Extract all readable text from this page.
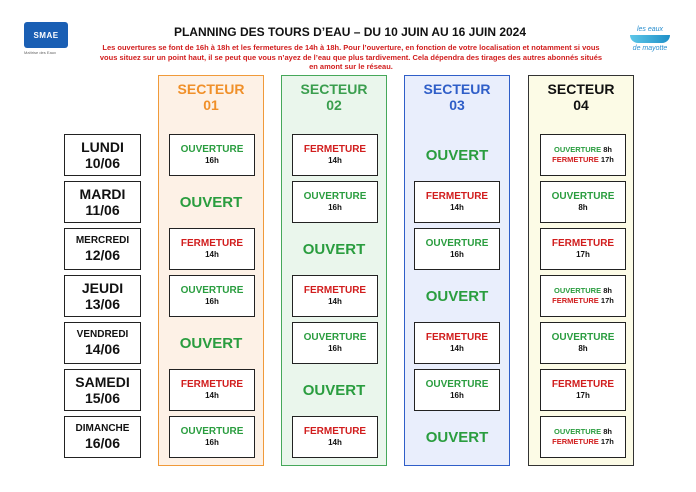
SMAE
Maîtrise des Eaux
les eaux
de mayotte
PLANNING DES TOURS D’EAU – DU 10 JUIN AU 16 JUIN 2024
Les ouvertures se font de 16h à 18h et les fermetures de 14h à 18h. Pour l’ouverture, en fonction de votre localisation et notamment si vous vous situez sur un point haut, il se peut que vous n’ayez de l’eau que plus tardivement. Cela dépendra des tirages des autres abonnés situés en amont sur le réseau.
SECTEUR
01
SECTEUR
02
SECTEUR
03
SECTEUR
04
LUNDI
10/06
MARDI
11/06
MERCREDI
12/06
JEUDI
13/06
VENDREDI
14/06
SAMEDI
15/06
DIMANCHE
16/06
OUVERTURE
16h
OUVERT
FERMETURE
14h
OUVERTURE
16h
OUVERT
FERMETURE
14h
OUVERTURE
16h
FERMETURE
14h
OUVERTURE
16h
OUVERT
FERMETURE
14h
OUVERTURE
16h
OUVERT
FERMETURE
14h
OUVERT
FERMETURE
14h
OUVERTURE
16h
OUVERT
FERMETURE
14h
OUVERTURE
16h
OUVERT
OUVERTURE 8h
FERMETURE 17h
OUVERTURE
8h
FERMETURE
17h
OUVERTURE 8h
FERMETURE 17h
OUVERTURE
8h
FERMETURE
17h
OUVERTURE 8h
FERMETURE 17h
